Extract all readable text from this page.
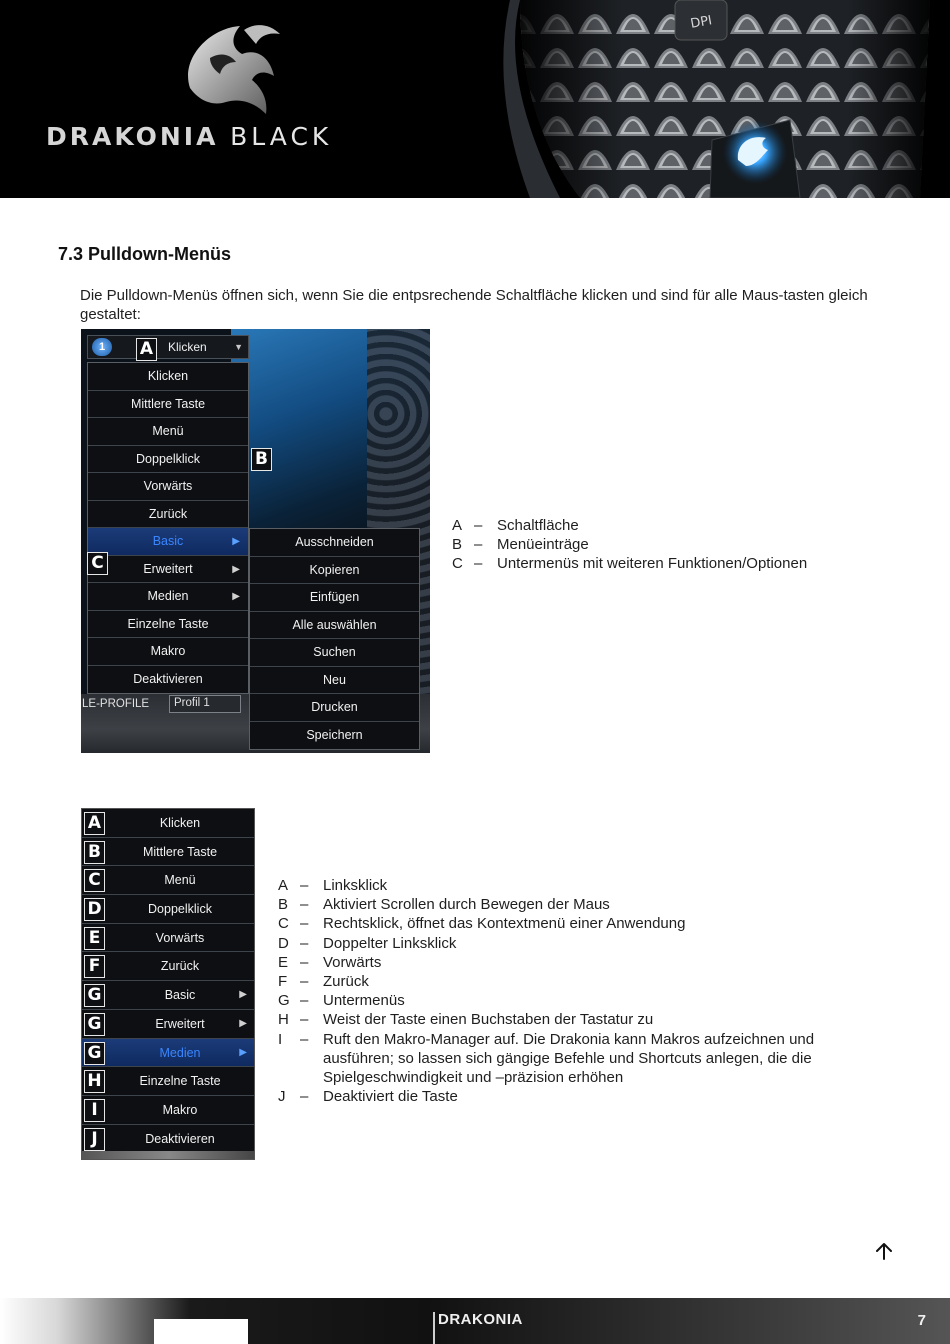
DRAKONIA BLACK
DPI
7.3 Pulldown-Menüs

Die Pulldown-Menüs öffnen sich, wenn Sie die entpsrechende Schaltfläche klicken und sind für alle Maus-tasten gleich gestaltet:

1	Klicken	▼
A
Klicken
Mittlere Taste
Menü
Doppelklick
Vorwärts
Zurück
Basic	▶
Erweitert	▶
Medien	▶
Einzelne Taste
Makro
Deaktivieren
B
C
Ausschneiden
Kopieren
Einfügen
Alle auswählen
Suchen
Neu
Drucken
Speichern
LE-PROFILE Profil 1
A – Schaltfläche
B – Menüeinträge
C – Untermenüs mit weiteren Funktionen/Optionen
A	Klicken
B	Mittlere Taste
C	Menü
D	Doppelklick
E	Vorwärts
F	Zurück
G	Basic	▶
G	Erweitert	▶
G	Medien	▶
H	Einzelne Taste
I	Makro
J	Deaktivieren
A – Linksklick
B – Aktiviert Scrollen durch Bewegen der Maus
C – Rechtsklick, öffnet das Kontextmenü einer Anwendung
D – Doppelter Linksklick
E – Vorwärts
F – Zurück
G – Untermenüs
H – Weist der Taste einen Buchstaben der Tastatur zu
I	– Ruft den Makro-Manager auf. Die Drakonia kann Makros aufzeichnen und ausführen; so lassen sich gängige Befehle und Shortcuts anlegen, die die Spielgeschwindigkeit und –präzision erhöhen
J – Deaktiviert die Taste
DRAKONIA	7
